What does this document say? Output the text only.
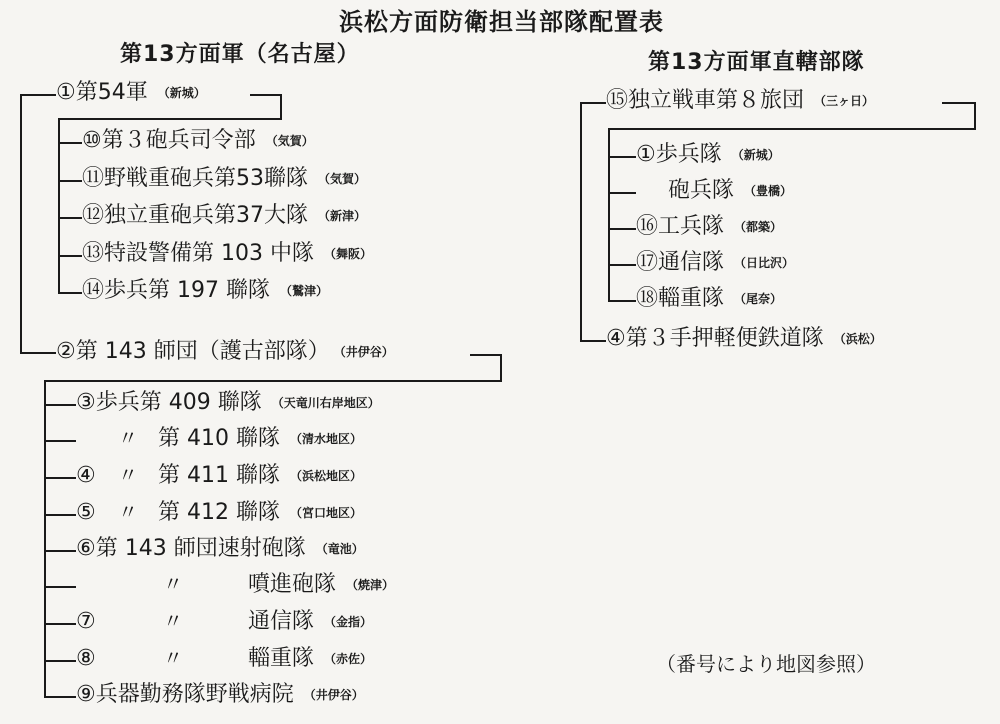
浜松方面防衛担当部隊配置表
第13方面軍（名古屋）	第13方面軍直轄部隊
①第54軍 （新城）
⑩第３砲兵司令部 （気賀）
⑪野戦重砲兵第53聯隊 （気賀）
⑫独立重砲兵第37大隊 （新津）
⑬特設警備第 103 中隊 （舞阪）
⑭歩兵第 197 聯隊 （鷲津）
②第 143 師団（護古部隊） （井伊谷）
③歩兵第 409 聯隊 （天竜川右岸地区）
〃 第 410 聯隊 （清水地区）
④ 〃 第 411 聯隊 （浜松地区）
⑤ 〃 第 412 聯隊 （宮口地区）
⑥第 143 師団速射砲隊 （竜池）
〃	噴進砲隊 （焼津）
⑦	〃	通信隊 （金指）
⑧	〃	輜重隊 （赤佐）
⑨兵器勤務隊野戦病院 （井伊谷）
⑮独立戦車第８旅団 （三ヶ日）
①歩兵隊 （新城）
砲兵隊 （豊橋）
⑯工兵隊 （都築）
⑰通信隊 （日比沢）
⑱輜重隊 （尾奈）
④第３手押軽便鉄道隊 （浜松）
（番号により地図参照）
